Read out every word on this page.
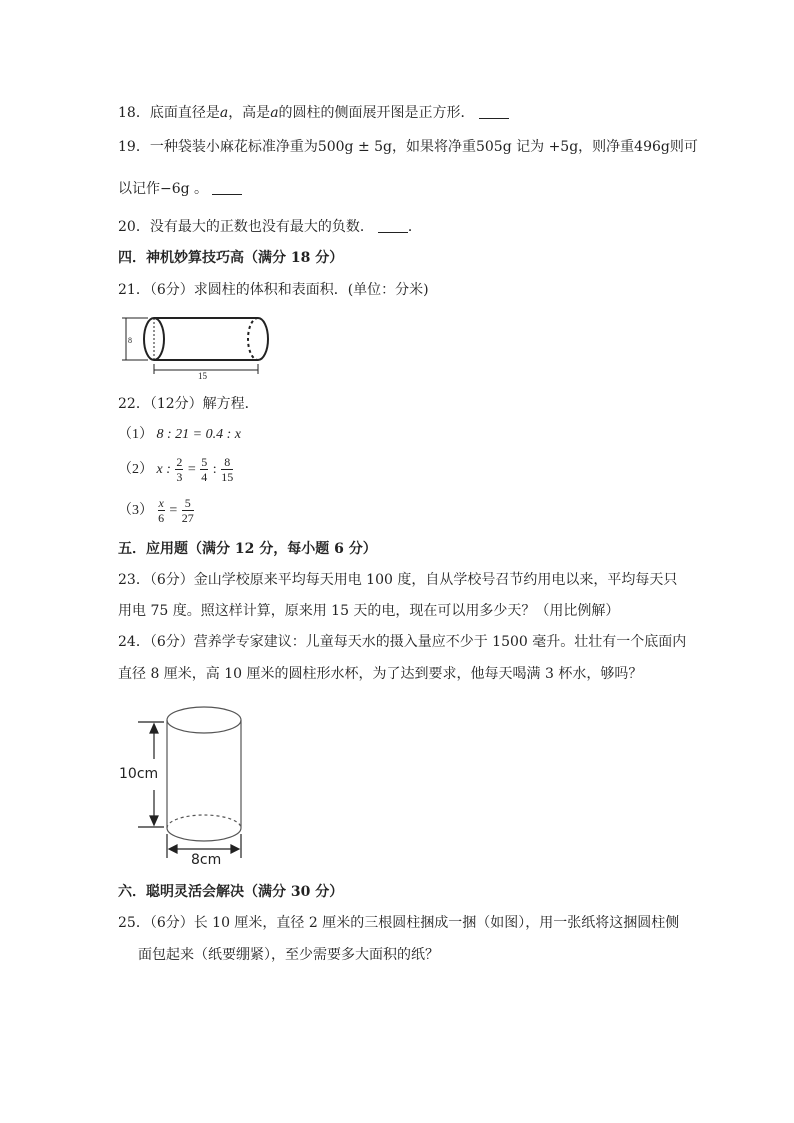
18．底面直径是a，高是a的圆柱的侧面展开图是正方形．
19．一种袋装小麻花标准净重为500g ± 5g，如果将净重505g 记为 +5g，则净重496g则可
以记作−6g 。
20．没有最大的正数也没有最大的负数． ．
四．神机妙算技巧高（满分 18 分）
21．（6分）求圆柱的体积和表面积．(单位：分米)
8
15
22．（12分）解方程．
（1） 8 : 21 = 0.4 : x
（2） x : $\frac{2}{3} = \frac{5}{4}$ : $\frac{8}{15}$
$(3) \frac{x}{6} = \frac{5}{27}$
五．应用题（满分 12 分，每小题 6 分）
23．（6分）金山学校原来平均每天用电 100 度，自从学校号召节约用电以来，平均每天只
用电 75 度。照这样计算，原来用 15 天的电，现在可以用多少天？（用比例解）
24．（6分）营养学专家建议：儿童每天水的摄入量应不少于 1500 毫升。壮壮有一个底面内
直径 8 厘米，高 10 厘米的圆柱形水杯，为了达到要求，他每天喝满 3 杯水，够吗？
10cm
8cm
六．聪明灵活会解决（满分 30 分）
25．（6分）长 10 厘米，直径 2 厘米的三根圆柱捆成一捆（如图），用一张纸将这捆圆柱侧
面包起来（纸要绷紧），至少需要多大面积的纸？
